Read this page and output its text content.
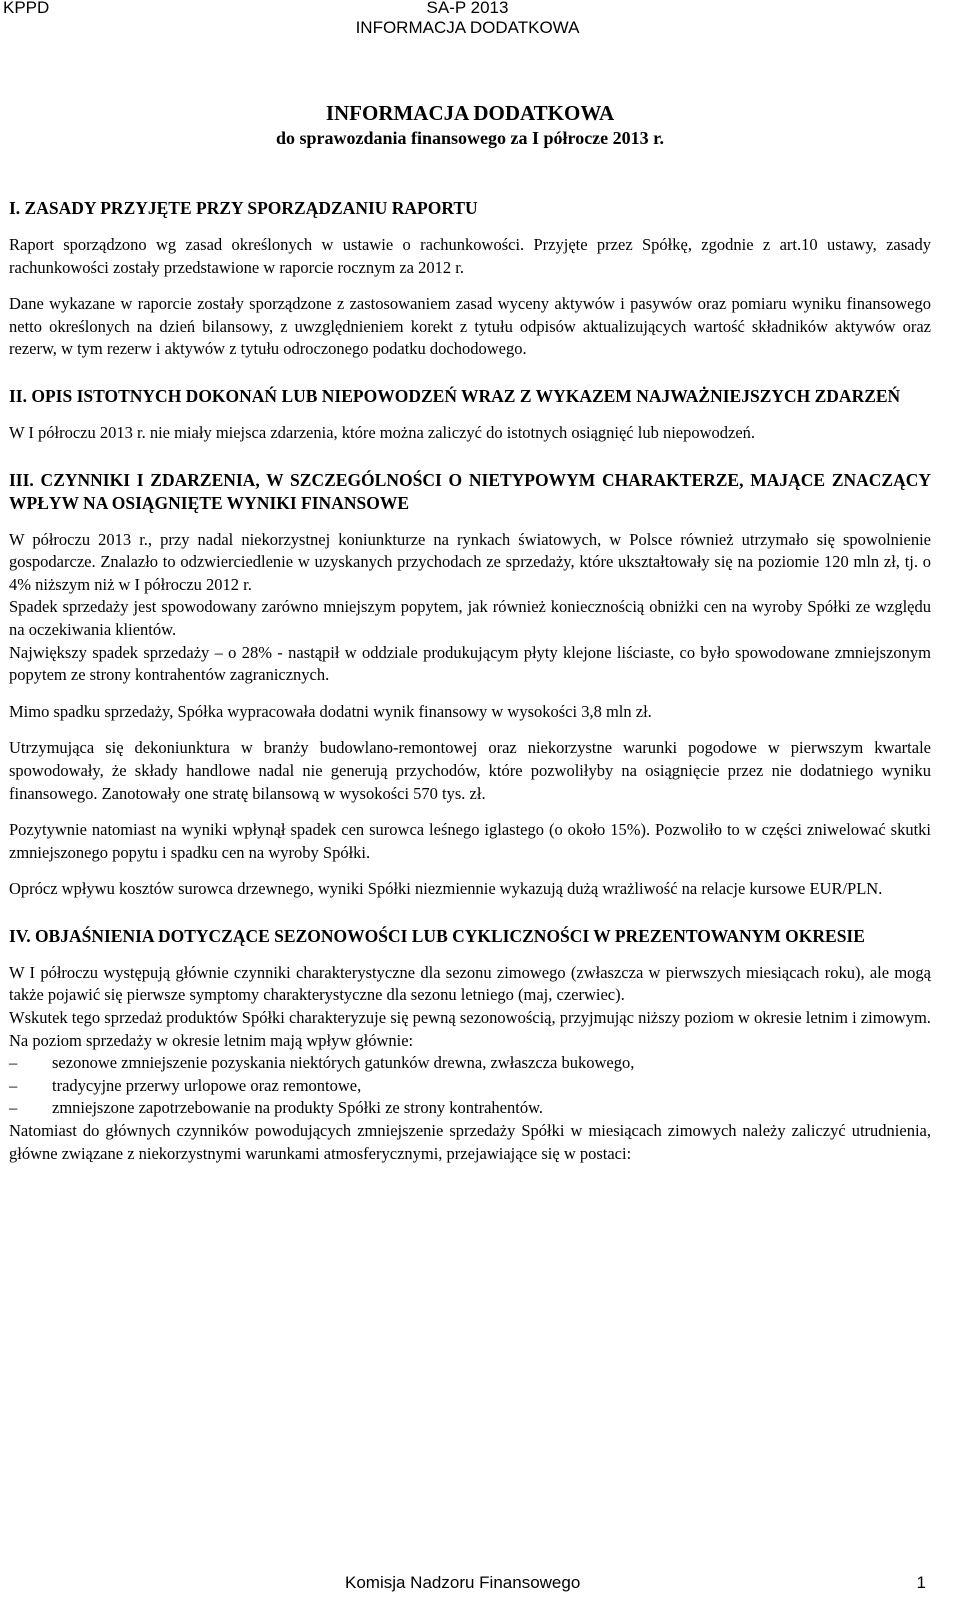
KPPD	SA-P 2013
INFORMACJA DODATKOWA

INFORMACJA DODATKOWA

do sprawozdania finansowego za I półrocze 2013 r.

I. ZASADY PRZYJĘTE PRZY SPORZĄDZANIU RAPORTU

Raport sporządzono wg zasad określonych w ustawie o rachunkowości. Przyjęte przez Spółkę, zgodnie z art.10 ustawy, zasady rachunkowości zostały przedstawione w raporcie rocznym za 2012 r.

Dane wykazane w raporcie zostały sporządzone z zastosowaniem zasad wyceny aktywów i pasywów oraz pomiaru wyniku finansowego netto określonych na dzień bilansowy, z uwzględnieniem korekt z tytułu odpisów aktualizujących wartość składników aktywów oraz rezerw, w tym rezerw i aktywów z tytułu odroczonego podatku dochodowego.

II. OPIS ISTOTNYCH DOKONAŃ LUB NIEPOWODZEŃ WRAZ Z WYKAZEM NAJWAŻNIEJSZYCH ZDARZEŃ

W I półroczu 2013 r. nie miały miejsca zdarzenia, które można zaliczyć do istotnych osiągnięć lub niepowodzeń.

III. CZYNNIKI I ZDARZENIA, W SZCZEGÓLNOŚCI O NIETYPOWYM CHARAKTERZE, MAJĄCE ZNACZĄCY WPŁYW NA OSIĄGNIĘTE WYNIKI FINANSOWE

W półroczu 2013 r., przy nadal niekorzystnej koniunkturze na rynkach światowych, w Polsce również utrzymało się spowolnienie gospodarcze. Znalazło to odzwierciedlenie w uzyskanych przychodach ze sprzedaży, które ukształtowały się na poziomie 120 mln zł, tj. o 4% niższym niż w I półroczu 2012 r.

Spadek sprzedaży jest spowodowany zarówno mniejszym popytem, jak również koniecznością obniżki cen na wyroby Spółki ze względu na oczekiwania klientów.

Największy spadek sprzedaży – o 28% - nastąpił w oddziale produkującym płyty klejone liściaste, co było spowodowane zmniejszonym popytem ze strony kontrahentów zagranicznych.

Mimo spadku sprzedaży, Spółka wypracowała dodatni wynik finansowy w wysokości 3,8 mln zł.

Utrzymująca się dekoniunktura w branży budowlano-remontowej oraz niekorzystne warunki pogodowe w pierwszym kwartale spowodowały, że składy handlowe nadal nie generują przychodów, które pozwoliłyby na osiągnięcie przez nie dodatniego wyniku finansowego. Zanotowały one stratę bilansową w wysokości 570 tys. zł.

Pozytywnie natomiast na wyniki wpłynął spadek cen surowca leśnego iglastego (o około 15%). Pozwoliło to w części zniwelować skutki zmniejszonego popytu i spadku cen na wyroby Spółki.

Oprócz wpływu kosztów surowca drzewnego, wyniki Spółki niezmiennie wykazują dużą wrażliwość na relacje kursowe EUR/PLN.

IV. OBJAŚNIENIA DOTYCZĄCE SEZONOWOŚCI LUB CYKLICZNOŚCI W PREZENTOWANYM OKRESIE

W I półroczu występują głównie czynniki charakterystyczne dla sezonu zimowego (zwłaszcza w pierwszych miesiącach roku), ale mogą także pojawić się pierwsze symptomy charakterystyczne dla sezonu letniego (maj, czerwiec).

Wskutek tego sprzedaż produktów Spółki charakteryzuje się pewną sezonowością, przyjmując niższy poziom w okresie letnim i zimowym.

Na poziom sprzedaży w okresie letnim mają wpływ głównie:

– sezonowe zmniejszenie pozyskania niektórych gatunków drewna, zwłaszcza bukowego,
– tradycyjne przerwy urlopowe oraz remontowe,
– zmniejszone zapotrzebowanie na produkty Spółki ze strony kontrahentów.

Natomiast do głównych czynników powodujących zmniejszenie sprzedaży Spółki w miesiącach zimowych należy zaliczyć utrudnienia, główne związane z niekorzystnymi warunkami atmosferycznymi, przejawiające się w postaci:

Komisja Nadzoru Finansowego	1
